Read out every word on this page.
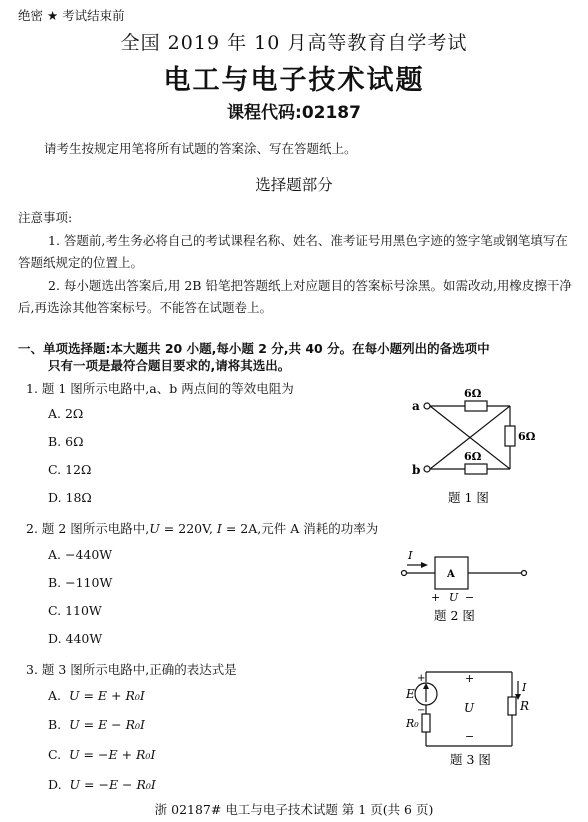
绝密 ★ 考试结束前
全国 2019 年 10 月高等教育自学考试
电工与电子技术试题
课程代码:02187
请考生按规定用笔将所有试题的答案涂、写在答题纸上。
选择题部分
注意事项:
1. 答题前,考生务必将自己的考试课程名称、姓名、准考证号用黑色字迹的签字笔或钢笔填写在答题纸规定的位置上。
2. 每小题选出答案后,用 2B 铅笔把答题纸上对应题目的答案标号涂黑。如需改动,用橡皮擦干净后,再选涂其他答案标号。不能答在试题卷上。
一、单项选择题:本大题共 20 小题,每小题 2 分,共 40 分。在每小题列出的备选项中
只有一项是最符合题目要求的,请将其选出。
1. 题 1 图所示电路中,a、b 两点间的等效电阻为
A. 2Ω
B. 6Ω
C. 12Ω
D. 18Ω
a
b
6Ω
6Ω
6Ω
题 1 图
2. 题 2 图所示电路中,U = 220V, I = 2A,元件 A 消耗的功率为
A. −440W
B. −110W
C. 110W
D. 440W
I
A
+ U −
题 2 图
3. 题 3 图所示电路中,正确的表达式是
A. U = E + R₀I
B. U = E − R₀I
C. U = −E + R₀I
D. U = −E − R₀I
E
+
−
R₀
+
U
−
R
I
题 3 图
浙 02187# 电工与电子技术试题 第 1 页(共 6 页)
